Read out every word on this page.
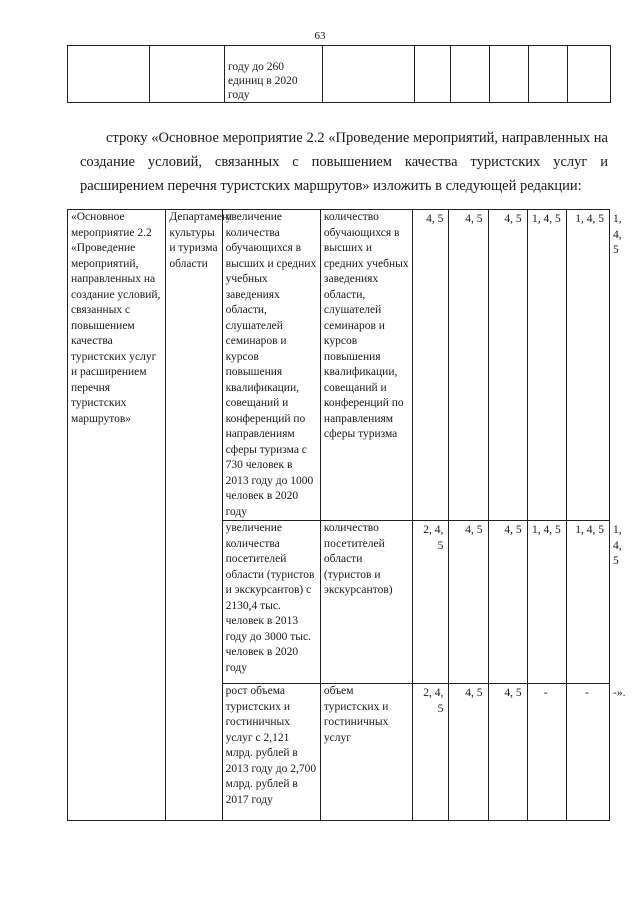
63

году до 260
единиц в 2020
году

строку «Основное мероприятие 2.2 «Проведение мероприятий, направленных на создание условий, связанных с повышением качества туристских услуг и расширением перечня туристских маршрутов» изложить в следующей редакции:
«Основное мероприятие 2.2 «Проведение мероприятий, направленных на создание условий, связанных с повышением качества туристских услуг и расширением перечня туристских маршрутов»	Департамент культуры и туризма области	увеличение количества обучающихся в высших и средних учебных заведениях области, слушателей семинаров и курсов повышения квалификации, совещаний и конференций по направлениям сферы туризма с 730 человек в 2013 году до 1000 человек в 2020 году	количество обучающихся в высших и средних учебных заведениях области, слушателей семинаров и курсов повышения квалификации, совещаний и конференций по направлениям сферы туризма	4, 5	4, 5	4, 5	1, 4, 5	1, 4, 5	1, 4, 5

		увеличение количества посетителей области (туристов и экскурсантов) с 2130,4 тыс. человек в 2013 году до 3000 тыс. человек в 2020 году	количество посетителей области (туристов и экскурсантов)	2, 4, 5	4, 5	4, 5	1, 4, 5	1, 4, 5	1, 4, 5

		рост объема туристских и гостиничных услуг с 2,121 млрд. рублей в 2013 году до 2,700 млрд. рублей в 2017 году	объем туристских и гостиничных услуг	2, 4, 5	4, 5	4, 5	-	-	-».
